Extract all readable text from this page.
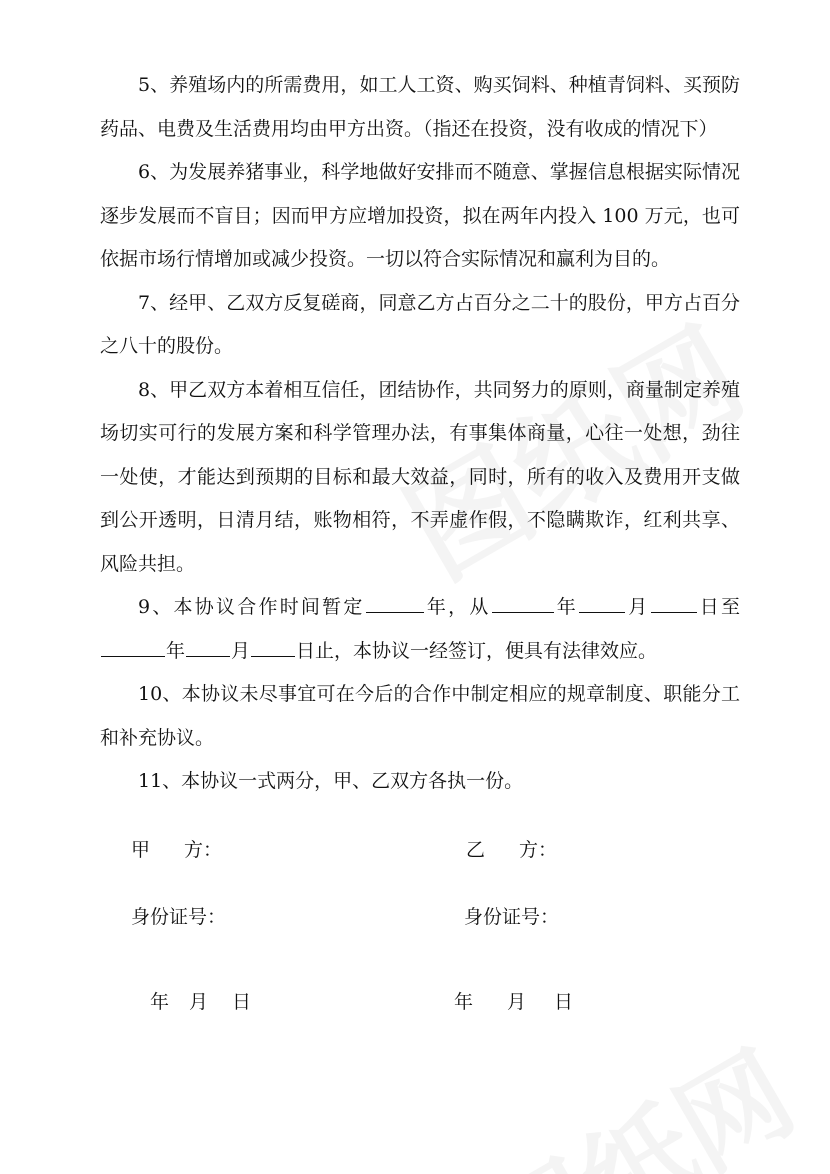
5、养殖场内的所需费用，如工人工资、购买饲料、种植青饲料、买预防药品、电费及生活费用均由甲方出资。（指还在投资，没有收成的情况下）

6、为发展养猪事业，科学地做好安排而不随意、掌握信息根据实际情况逐步发展而不盲目；因而甲方应增加投资，拟在两年内投入 100 万元，也可依据市场行情增加或减少投资。一切以符合实际情况和赢利为目的。

7、经甲、乙双方反复磋商，同意乙方占百分之二十的股份，甲方占百分之八十的股份。

8、甲乙双方本着相互信任，团结协作，共同努力的原则，商量制定养殖场切实可行的发展方案和科学管理办法，有事集体商量，心往一处想，劲往一处使，才能达到预期的目标和最大效益，同时，所有的收入及费用开支做到公开透明，日清月结，账物相符，不弄虚作假，不隐瞒欺诈，红利共享、风险共担。

9、本协议合作时间暂定	年，从	年	月	日至年 月 日止，本协议一经签订，便具有法律效应。

10、本协议未尽事宜可在今后的合作中制定相应的规章制度、职能分工和补充协议。

11、本协议一式两分，甲、乙双方各执一份。

甲 方：	乙 方：
身份证号：	身份证号：
年 月 日	年 月 日
